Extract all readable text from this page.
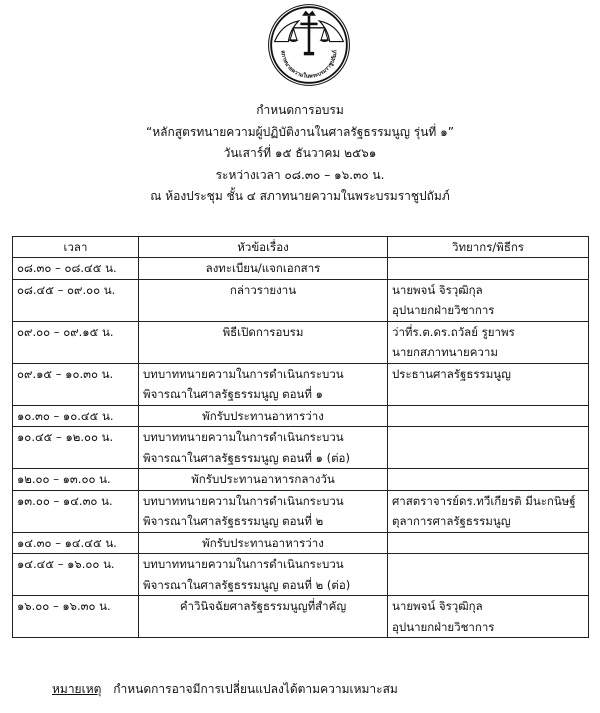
สภาทนายความในพระบรมราชูปถัมภ์
กำหนดการอบรม
“หลักสูตรทนายความผู้ปฏิบัติงานในศาลรัฐธรรมนูญ รุ่นที่ ๑”
วันเสาร์ที่ ๑๕ ธันวาคม ๒๕๖๑
ระหว่างเวลา ๐๘.๓๐ – ๑๖.๓๐ น.
ณ ห้องประชุม ชั้น ๔ สภาทนายความในพระบรมราชูปถัมภ์
เวลา	หัวข้อเรื่อง	วิทยากร/พิธีกร
๐๘.๓๐ – ๐๘.๔๕ น.	ลงทะเบียน/แจกเอกสาร	

๐๘.๔๕ – ๐๙.๐๐ น.	กล่าวรายงาน	นายพจน์ จิรวุฒิกุล
อุปนายกฝ่ายวิชาการ

๐๙.๐๐ – ๐๙.๑๕ น.	พิธีเปิดการอบรม	ว่าที่ร.ต.ดร.ถวัลย์ รูยาพร
นายกสภาทนายความ

๐๙.๑๕ – ๑๐.๓๐ น.	บทบาททนายความในการดำเนินกระบวน
พิจารณาในศาลรัฐธรรมนูญ ตอนที่ ๑	ประธานศาลรัฐธรรมนูญ

๑๐.๓๐ – ๑๐.๔๕ น.	พักรับประทานอาหารว่าง	

๑๐.๔๕ – ๑๒.๐๐ น.	บทบาททนายความในการดำเนินกระบวน
พิจารณาในศาลรัฐธรรมนูญ ตอนที่ ๑ (ต่อ)	

๑๒.๐๐ – ๑๓.๐๐ น.	พักรับประทานอาหารกลางวัน	

๑๓.๐๐ – ๑๔.๓๐ น.	บทบาททนายความในการดำเนินกระบวน
พิจารณาในศาลรัฐธรรมนูญ ตอนที่ ๒	ศาสตราจารย์ดร.ทวีเกียรติ มีนะกนิษฐ์
ตุลาการศาลรัฐธรรมนูญ

๑๔.๓๐ – ๑๔.๔๕ น.	พักรับประทานอาหารว่าง	

๑๔.๔๕ – ๑๖.๐๐ น.	บทบาททนายความในการดำเนินกระบวน
พิจารณาในศาลรัฐธรรมนูญ ตอนที่ ๒ (ต่อ)	

๑๖.๐๐ – ๑๖.๓๐ น.	คำวินิจฉัยศาลรัฐธรรมนูญที่สำคัญ	นายพจน์ จิรวุฒิกุล
อุปนายกฝ่ายวิชาการ
หมายเหตุ กำหนดการอาจมีการเปลี่ยนแปลงได้ตามความเหมาะสม
